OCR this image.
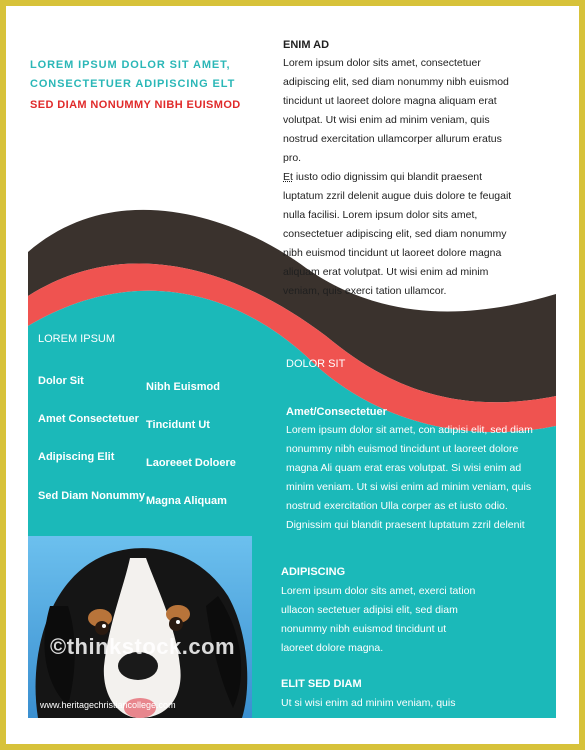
LOREM IPSUM DOLOR SIT AMET,
CONSECTETUER ADIPISCING ELT
SED DIAM NONUMMY NIBH EUISMOD
ENIM AD
Lorem ipsum dolor sits amet, consectetuer
adipiscing elit, sed diam nonummy nibh euismod
tincidunt ut laoreet dolore magna aliquam erat
volutpat. Ut wisi enim ad minim veniam, quis
nostrud exercitation ullamcorper allurum eratus
pro.
Et iusto odio dignissim qui blandit praesent
luptatum zzril delenit augue duis dolore te feugait
nulla facilisi. Lorem ipsum dolor sits amet,
consectetuer adipiscing elit, sed diam nonummy
nibh euismod tincidunt ut laoreet dolore magna
aliquam erat volutpat. Ut wisi enim ad minim
veniam, quis exerci tation ullamcor.
LOREM IPSUM
Dolor Sit
Amet Consectetuer
Adipiscing Elit
Sed Diam Nonummy
Nibh Euismod
Tincidunt Ut
Laoreeet Doloere
Magna Aliquam
DOLOR SIT
Amet/Consectetuer
Lorem ipsum dolor sit amet, con adipisi elit, sed diam
nonummy nibh euismod tincidunt ut laoreet dolore
magna Ali quam erat eras volutpat. Si wisi enim ad
minim veniam. Ut si wisi enim ad minim veniam, quis
nostrud exercitation Ulla corper as et iusto odio.
Dignissim qui blandit praesent luptatum zzril delenit
ADIPISCING
Lorem ipsum dolor sits amet, exerci tation
ullacon sectetuer adipisi elit, sed diam
nonummy nibh euismod tincidunt ut
laoreet dolore magna.
ELIT SED DIAM
Ut si wisi enim ad minim veniam, quis
©thinkstock.com
www.heritagechristiancollege.com
